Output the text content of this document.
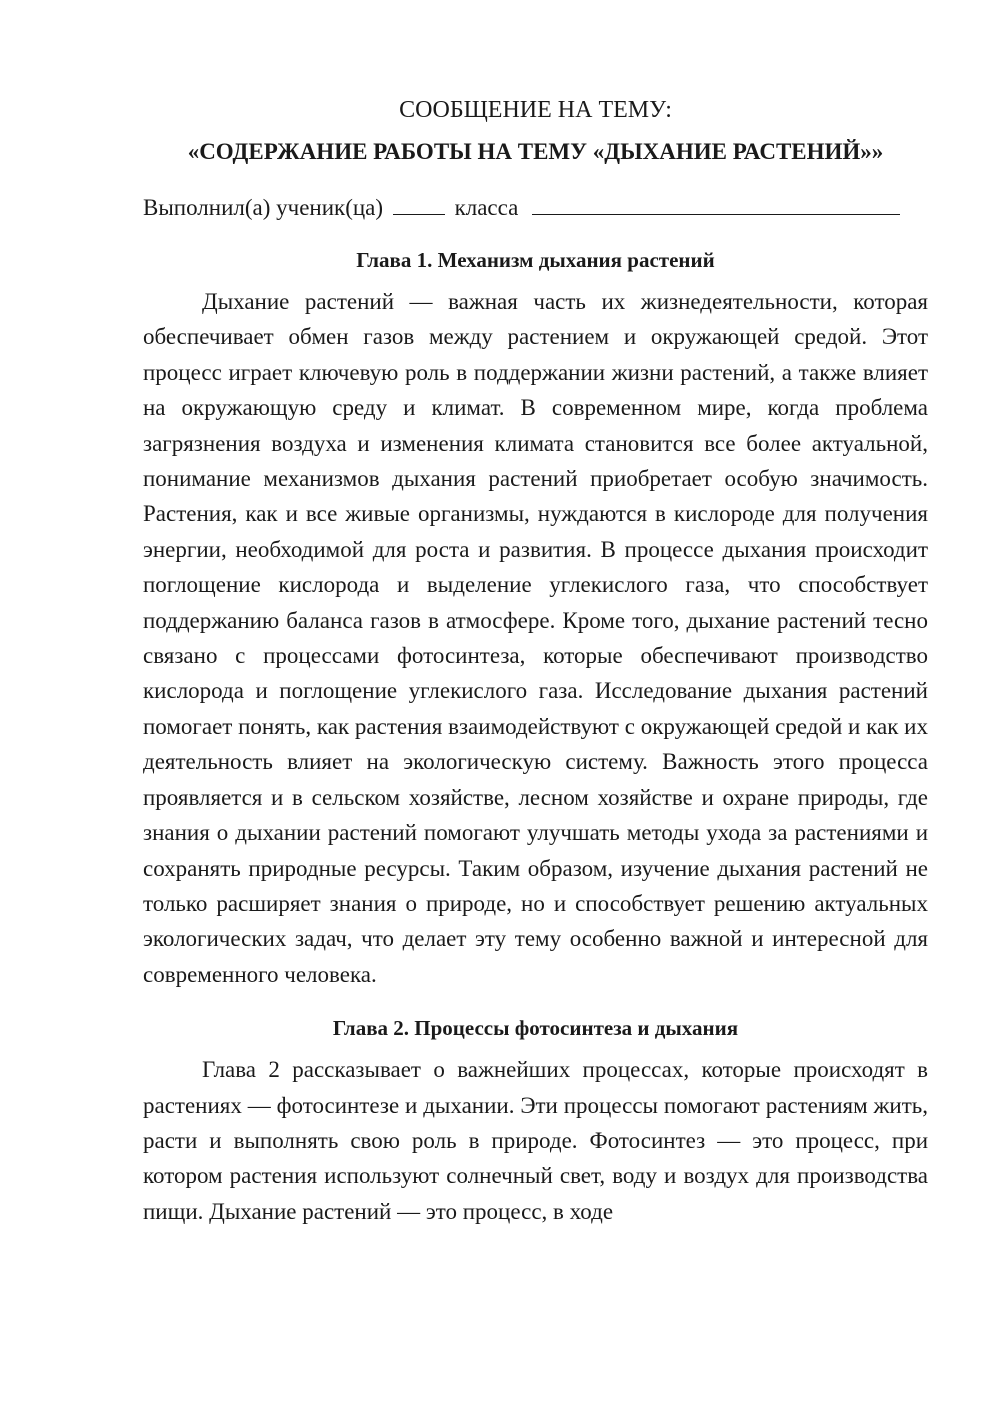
СООБЩЕНИЕ НА ТЕМУ:

«СОДЕРЖАНИЕ РАБОТЫ НА ТЕМУ «ДЫХАНИЕ РАСТЕНИЙ»»

Выполнил(а) ученик(ца)	класса
Глава 1. Механизм дыхания растений

Дыхание растений — важная часть их жизнедеятельности, которая обеспечивает обмен газов между растением и окружающей средой. Этот процесс играет ключевую роль в поддержании жизни растений, а также влияет на окружающую среду и климат. В современном мире, когда проблема загрязнения воздуха и изменения климата становится все более актуальной, понимание механизмов дыхания растений приобретает особую значимость. Растения, как и все живые организмы, нуждаются в кислороде для получения энергии, необходимой для роста и развития. В процессе дыхания происходит поглощение кислорода и выделение углекислого газа, что способствует поддержанию баланса газов в атмосфере. Кроме того, дыхание растений тесно связано с процессами фотосинтеза, которые обеспечивают производство кислорода и поглощение углекислого газа. Исследование дыхания растений помогает понять, как растения взаимодействуют с окружающей средой и как их деятельность влияет на экологическую систему. Важность этого процесса проявляется и в сельском хозяйстве, лесном хозяйстве и охране природы, где знания о дыхании растений помогают улучшать методы ухода за растениями и сохранять природные ресурсы. Таким образом, изучение дыхания растений не только расширяет знания о природе, но и способствует решению актуальных экологических задач, что делает эту тему особенно важной и интересной для современного человека.

Глава 2. Процессы фотосинтеза и дыхания

Глава 2 рассказывает о важнейших процессах, которые происходят в растениях — фотосинтезе и дыхании. Эти процессы помогают растениям жить, расти и выполнять свою роль в природе. Фотосинтез — это процесс, при котором растения используют солнечный свет, воду и воздух для производства пищи. Дыхание растений — это процесс, в ходе
